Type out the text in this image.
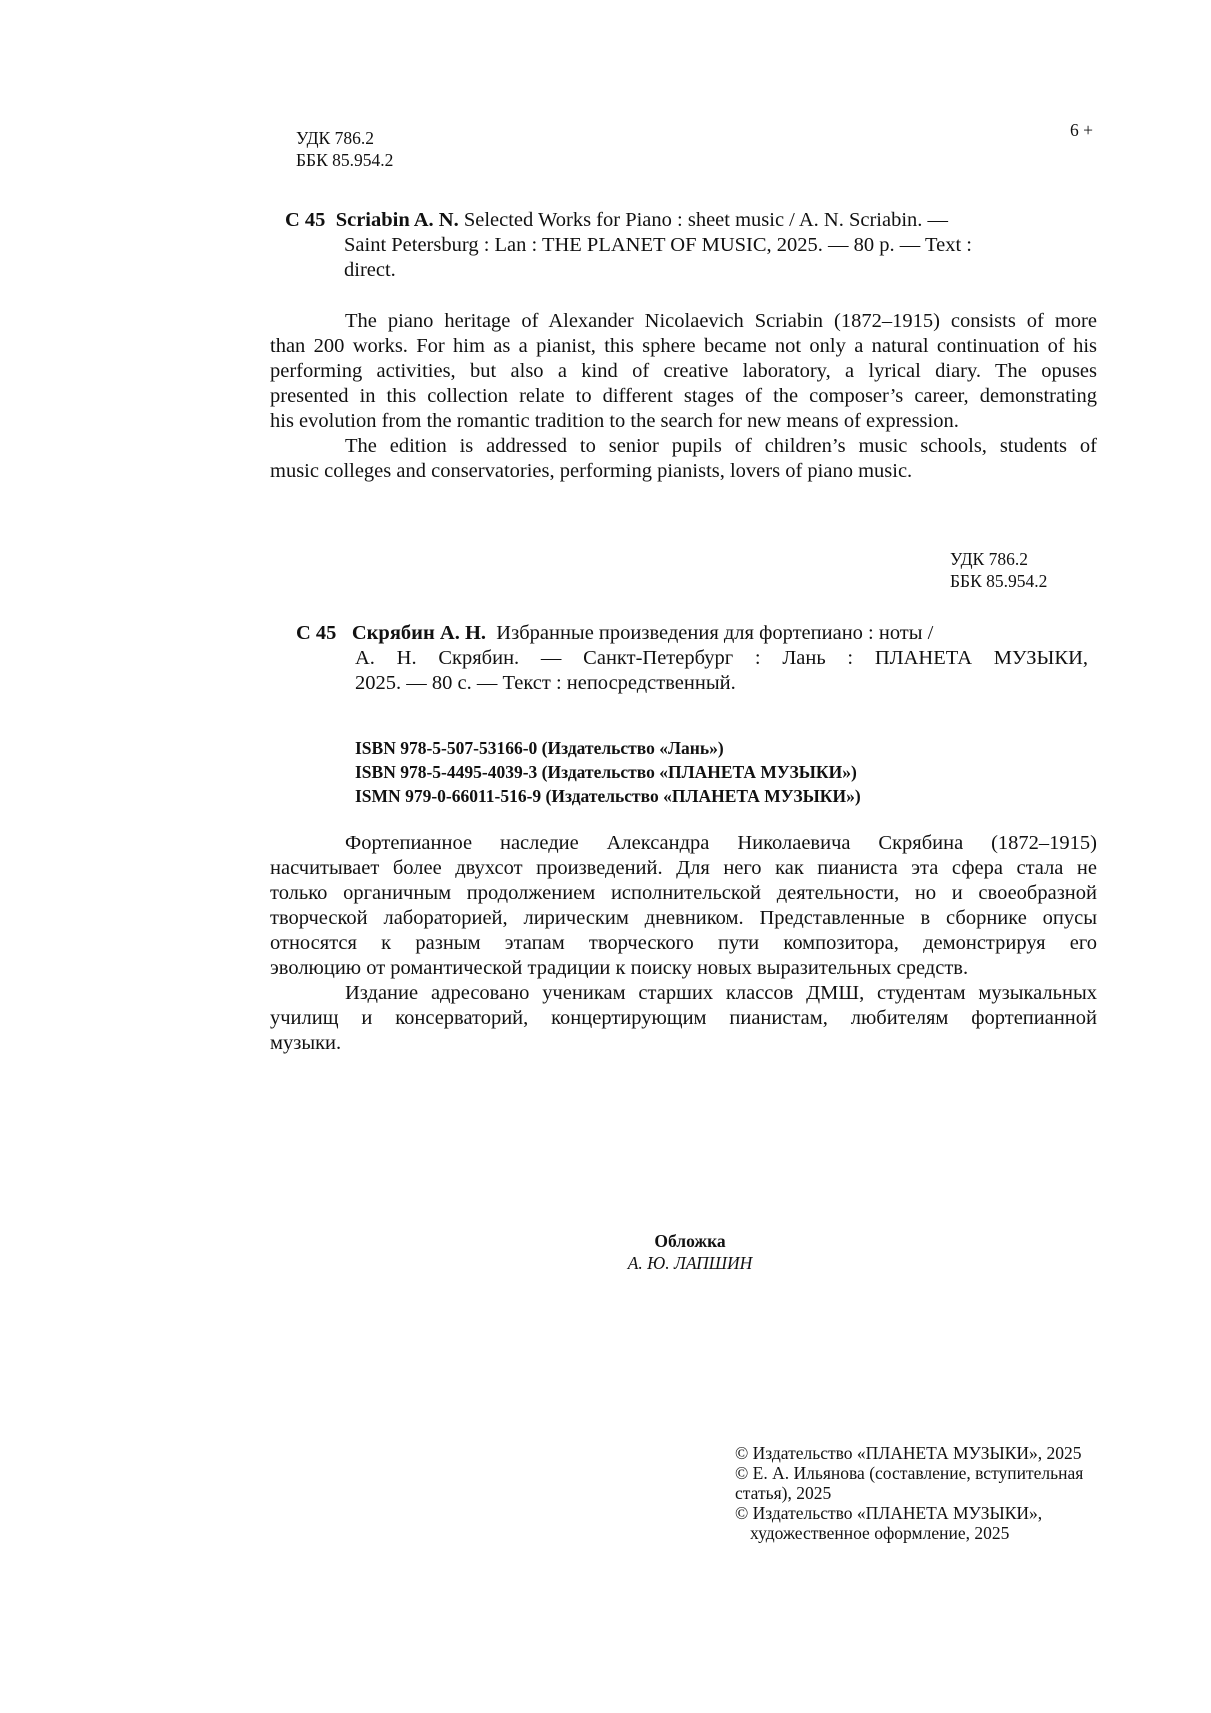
6 +
УДК 786.2
ББК 85.954.2
С 45 Scriabin A. N. Selected Works for Piano : sheet music / A. N. Scriabin. —
Saint Petersburg : Lan : THE PLANET OF MUSIC, 2025. — 80 p. — Text :
direct.
The piano heritage of Alexander Nicolaevich Scriabin (1872–1915) consists of more
than 200 works. For him as a pianist, this sphere became not only a natural continuation of his
performing activities, but also a kind of creative laboratory, a lyrical diary. The opuses
presented in this collection relate to different stages of the composer’s career, demonstrating
his evolution from the romantic tradition to the search for new means of expression.
The edition is addressed to senior pupils of children’s music schools, students of
music colleges and conservatories, performing pianists, lovers of piano music.
УДК 786.2
ББК 85.954.2
С 45 Скрябин А. Н. Избранные произведения для фортепиано : ноты /
А. Н. Скрябин. — Санкт-Петербург : Лань : ПЛАНЕТА МУЗЫКИ,
2025. — 80 с. — Текст : непосредственный.
ISBN 978-5-507-53166-0 (Издательство «Лань»)
ISBN 978-5-4495-4039-3 (Издательство «ПЛАНЕТА МУЗЫКИ»)
ISMN 979-0-66011-516-9 (Издательство «ПЛАНЕТА МУЗЫКИ»)
Фортепианное наследие Александра Николаевича Скрябина (1872–1915)
насчитывает более двухсот произведений. Для него как пианиста эта сфера стала не
только органичным продолжением исполнительской деятельности, но и своеобразной
творческой лабораторией, лирическим дневником. Представленные в сборнике опусы
относятся к разным этапам творческого пути композитора, демонстрируя его
эволюцию от романтической традиции к поиску новых выразительных средств.
Издание адресовано ученикам старших классов ДМШ, студентам музыкальных
училищ и консерваторий, концертирующим пианистам, любителям фортепианной
музыки.
Обложка
А. Ю. ЛАПШИН
© Издательство «ПЛАНЕТА МУЗЫКИ», 2025
© Е. А. Ильянова (составление, вступительная
статья), 2025
© Издательство «ПЛАНЕТА МУЗЫКИ»,
художественное оформление, 2025
